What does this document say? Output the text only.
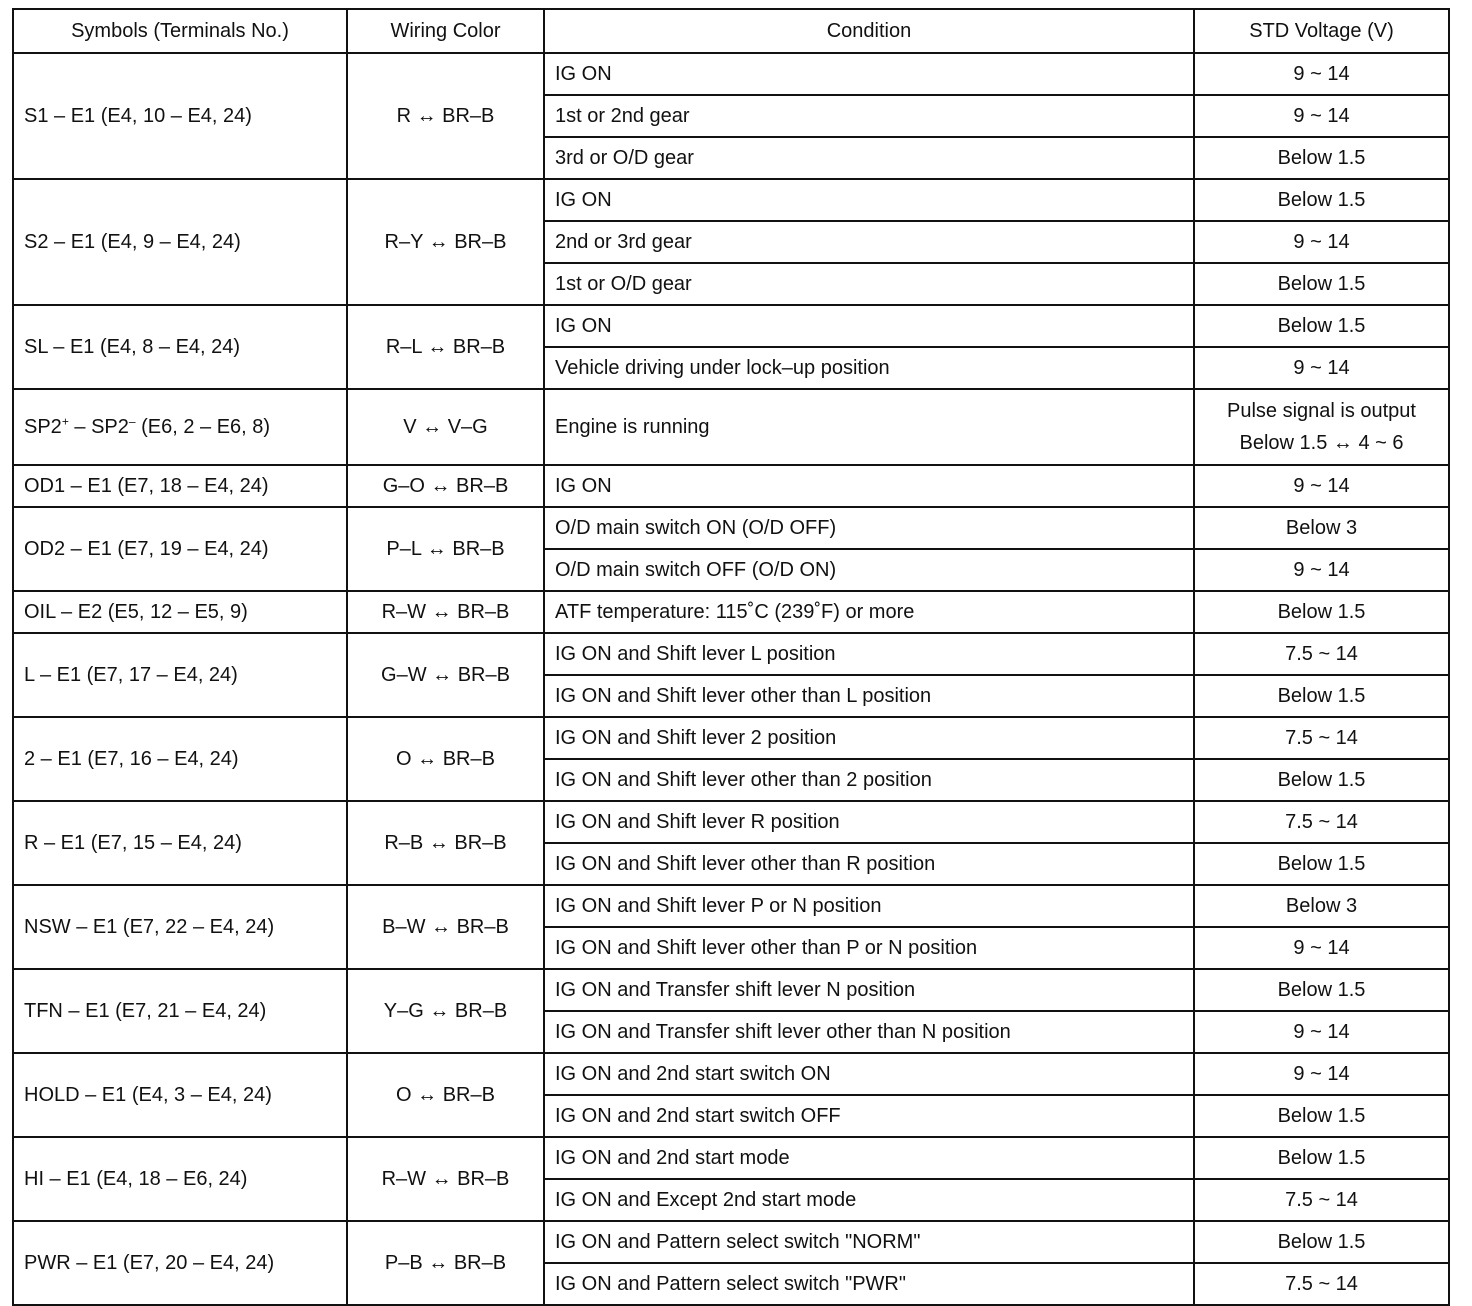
Symbols (Terminals No.)	Wiring Color	Condition	STD Voltage (V)
S1 – E1 (E4, 10 – E4, 24)	R ↔ BR–B	IG ON	9 ~ 14
		1st or 2nd gear	9 ~ 14
		3rd or O/D gear	Below 1.5
S2 – E1 (E4, 9 – E4, 24)	R–Y ↔ BR–B	IG ON	Below 1.5
		2nd or 3rd gear	9 ~ 14
		1st or O/D gear	Below 1.5
SL – E1 (E4, 8 – E4, 24)	R–L ↔ BR–B	IG ON	Below 1.5
		Vehicle driving under lock–up position	9 ~ 14
SP2+ – SP2– (E6, 2 – E6, 8)	V ↔ V–G	Engine is running	Pulse signal is output
Below 1.5 ↔ 4 ~ 6

OD1 – E1 (E7, 18 – E4, 24)	G–O ↔ BR–B	IG ON	9 ~ 14
OD2 – E1 (E7, 19 – E4, 24)	P–L ↔ BR–B	O/D main switch ON (O/D OFF)	Below 3
		O/D main switch OFF (O/D ON)	9 ~ 14
OIL – E2 (E5, 12 – E5, 9)	R–W ↔ BR–B	ATF temperature: 115˚C (239˚F) or more	Below 1.5
L – E1 (E7, 17 – E4, 24)	G–W ↔ BR–B	IG ON and Shift lever L position	7.5 ~ 14
		IG ON and Shift lever other than L position	Below 1.5
2 – E1 (E7, 16 – E4, 24)	O ↔ BR–B	IG ON and Shift lever 2 position	7.5 ~ 14
		IG ON and Shift lever other than 2 position	Below 1.5
R – E1 (E7, 15 – E4, 24)	R–B ↔ BR–B	IG ON and Shift lever R position	7.5 ~ 14
		IG ON and Shift lever other than R position	Below 1.5
NSW – E1 (E7, 22 – E4, 24)	B–W ↔ BR–B	IG ON and Shift lever P or N position	Below 3
		IG ON and Shift lever other than P or N position	9 ~ 14
TFN – E1 (E7, 21 – E4, 24)	Y–G ↔ BR–B	IG ON and Transfer shift lever N position	Below 1.5
		IG ON and Transfer shift lever other than N position	9 ~ 14
HOLD – E1 (E4, 3 – E4, 24)	O ↔ BR–B	IG ON and 2nd start switch ON	9 ~ 14
		IG ON and 2nd start switch OFF	Below 1.5
HI – E1 (E4, 18 – E6, 24)	R–W ↔ BR–B	IG ON and 2nd start mode	Below 1.5
		IG ON and Except 2nd start mode	7.5 ~ 14
PWR – E1 (E7, 20 – E4, 24)	P–B ↔ BR–B	IG ON and Pattern select switch "NORM"	Below 1.5
		IG ON and Pattern select switch "PWR"	7.5 ~ 14
